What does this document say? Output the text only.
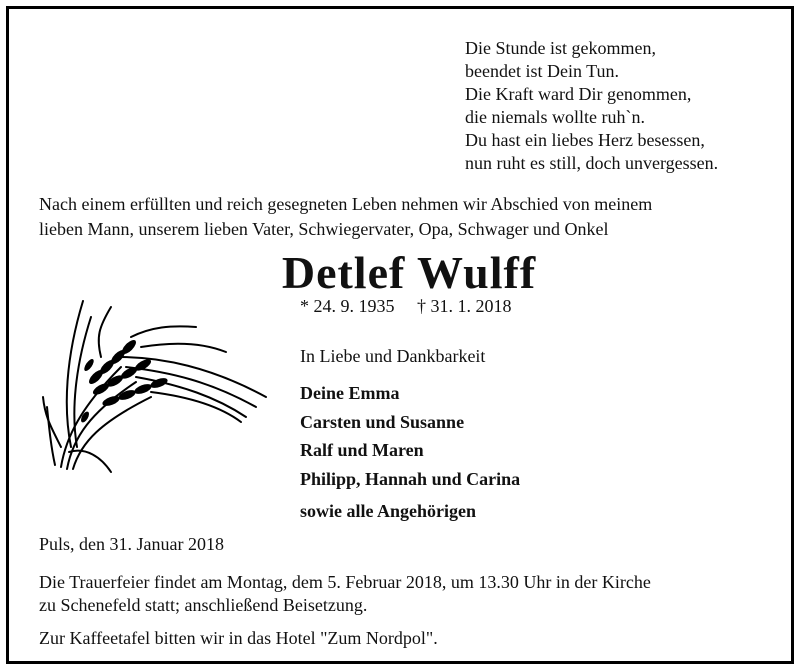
Die Stunde ist gekommen,
beendet ist Dein Tun.
Die Kraft ward Dir genommen,
die niemals wollte ruh`n.
Du hast ein liebes Herz besessen,
nun ruht es still, doch unvergessen.
Nach einem erfüllten und reich gesegneten Leben nehmen wir Abschied von meinem
lieben Mann, unserem lieben Vater, Schwiegervater, Opa, Schwager und Onkel
Detlef Wulff
* 24. 9. 1935 † 31. 1. 2018
In Liebe und Dankbarkeit
Deine Emma
Carsten und Susanne
Ralf und Maren
Philipp, Hannah und Carina
sowie alle Angehörigen
Puls, den 31. Januar 2018
Die Trauerfeier findet am Montag, dem 5. Februar 2018, um 13.30 Uhr in der Kirche
zu Schenefeld statt; anschließend Beisetzung.
Zur Kaffeetafel bitten wir in das Hotel "Zum Nordpol".
